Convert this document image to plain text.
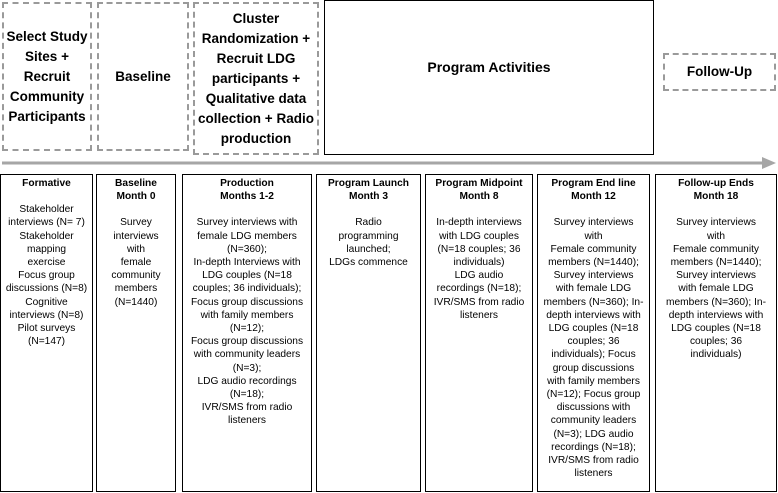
Select Study
Sites +
Recruit
Community
Participants
Baseline
Cluster
Randomization +
Recruit LDG
participants +
Qualitative data
collection + Radio
production
Program Activities	Follow-Up
Formative
Stakeholder
interviews (N= 7)
Stakeholder
mapping
exercise
Focus group
discussions (N=8)
Cognitive
interviews (N=8)
Pilot surveys
(N=147)
Baseline
Month 0
Survey
interviews
with
female
community
members
(N=1440)
Production
Months 1-2
Survey interviews with
female LDG members
(N=360);
In-depth Interviews with
LDG couples (N=18
couples; 36 individuals);
Focus group discussions
with family members
(N=12);
Focus group discussions
with community leaders
(N=3);
LDG audio recordings
(N=18);
IVR/SMS from radio
listeners
Program Launch
Month 3
Radio
programming
launched;
LDGs commence
Program Midpoint
Month 8
In-depth interviews
with LDG couples
(N=18 couples; 36
individuals)
LDG audio
recordings (N=18);
IVR/SMS from radio
listeners
Program End line
Month 12
Survey interviews
with
Female community
members (N=1440);
Survey interviews
with female LDG
members (N=360); In-
depth interviews with
LDG couples (N=18
couples; 36
individuals); Focus
group discussions
with family members
(N=12); Focus group
discussions with
community leaders
(N=3); LDG audio
recordings (N=18);
IVR/SMS from radio
listeners
Follow-up Ends
Month 18
Survey interviews
with
Female community
members (N=1440);
Survey interviews
with female LDG
members (N=360); In-
depth interviews with
LDG couples (N=18
couples; 36
individuals)
